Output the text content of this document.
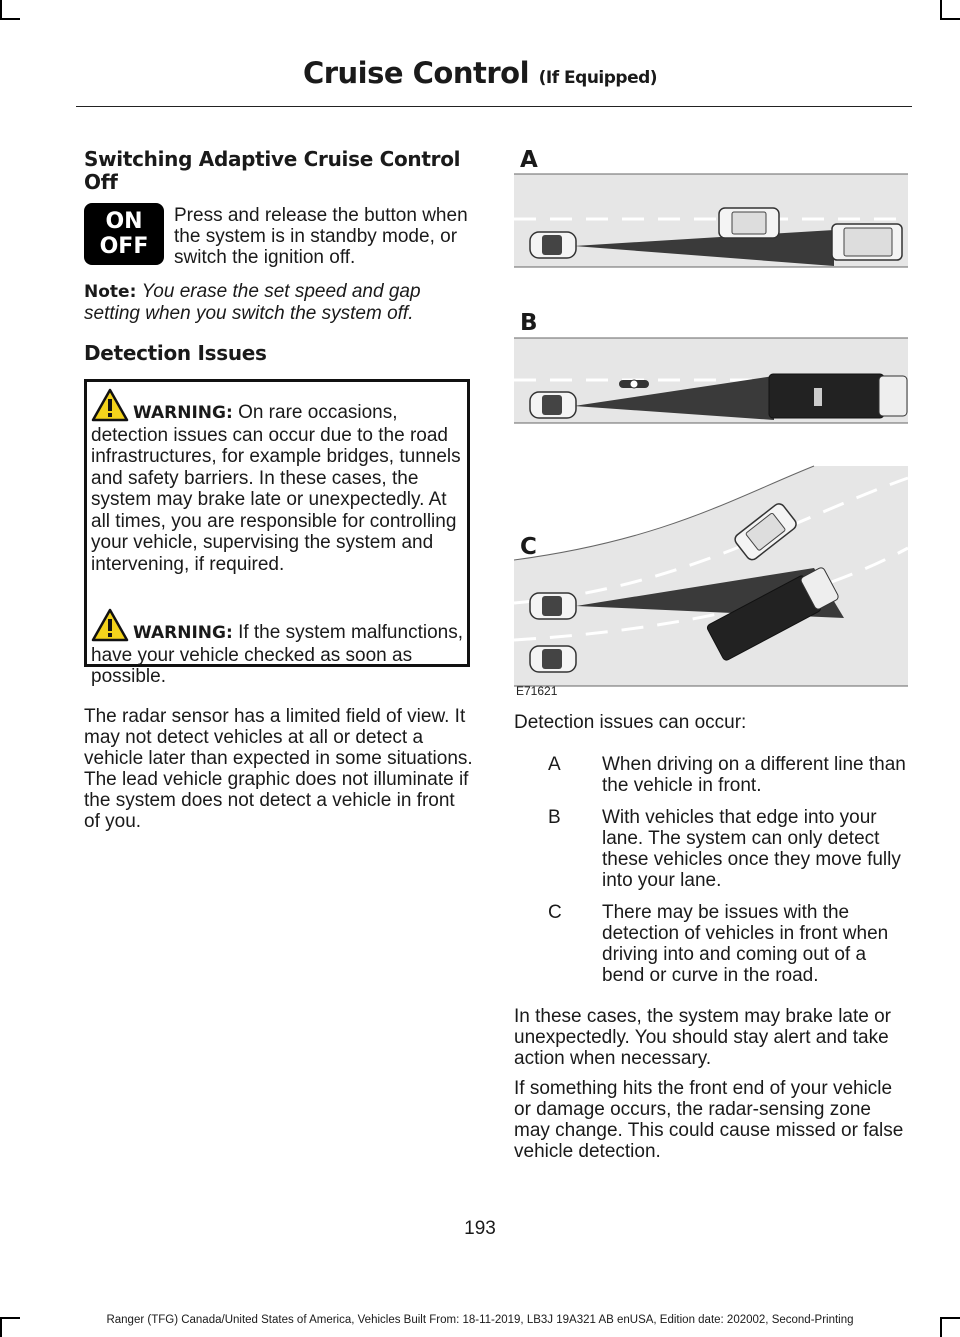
Cruise Control (If Equipped)
Switching Adaptive Cruise Control Off
ON
OFF

Press and release the button when the system is in standby mode, or switch the ignition off.

Note: You erase the set speed and gap setting when you switch the system off.

Detection Issues
WARNING: On rare occasions, detection issues can occur due to the road infrastructures, for example bridges, tunnels and safety barriers. In these cases, the system may brake late or unexpectedly. At all times, you are responsible for controlling your vehicle, supervising the system and intervening, if required.
WARNING: If the system malfunctions, have your vehicle checked as soon as possible.

The radar sensor has a limited field of view. It may not detect vehicles at all or detect a vehicle later than expected in some situations. The lead vehicle graphic does not illuminate if the system does not detect a vehicle in front of you.

A
B
C
E71621

Detection issues can occur:

A When driving on a different line than the vehicle in front.
B With vehicles that edge into your lane. The system can only detect these vehicles once they move fully into your lane.
C There may be issues with the detection of vehicles in front when driving into and coming out of a bend or curve in the road.

In these cases, the system may brake late or unexpectedly. You should stay alert and take action when necessary.

If something hits the front end of your vehicle or damage occurs, the radar-sensing zone may change. This could cause missed or false vehicle detection.

193
Ranger (TFG) Canada/United States of America, Vehicles Built From: 18-11-2019, LB3J 19A321 AB enUSA, Edition date: 202002, Second-Printing
